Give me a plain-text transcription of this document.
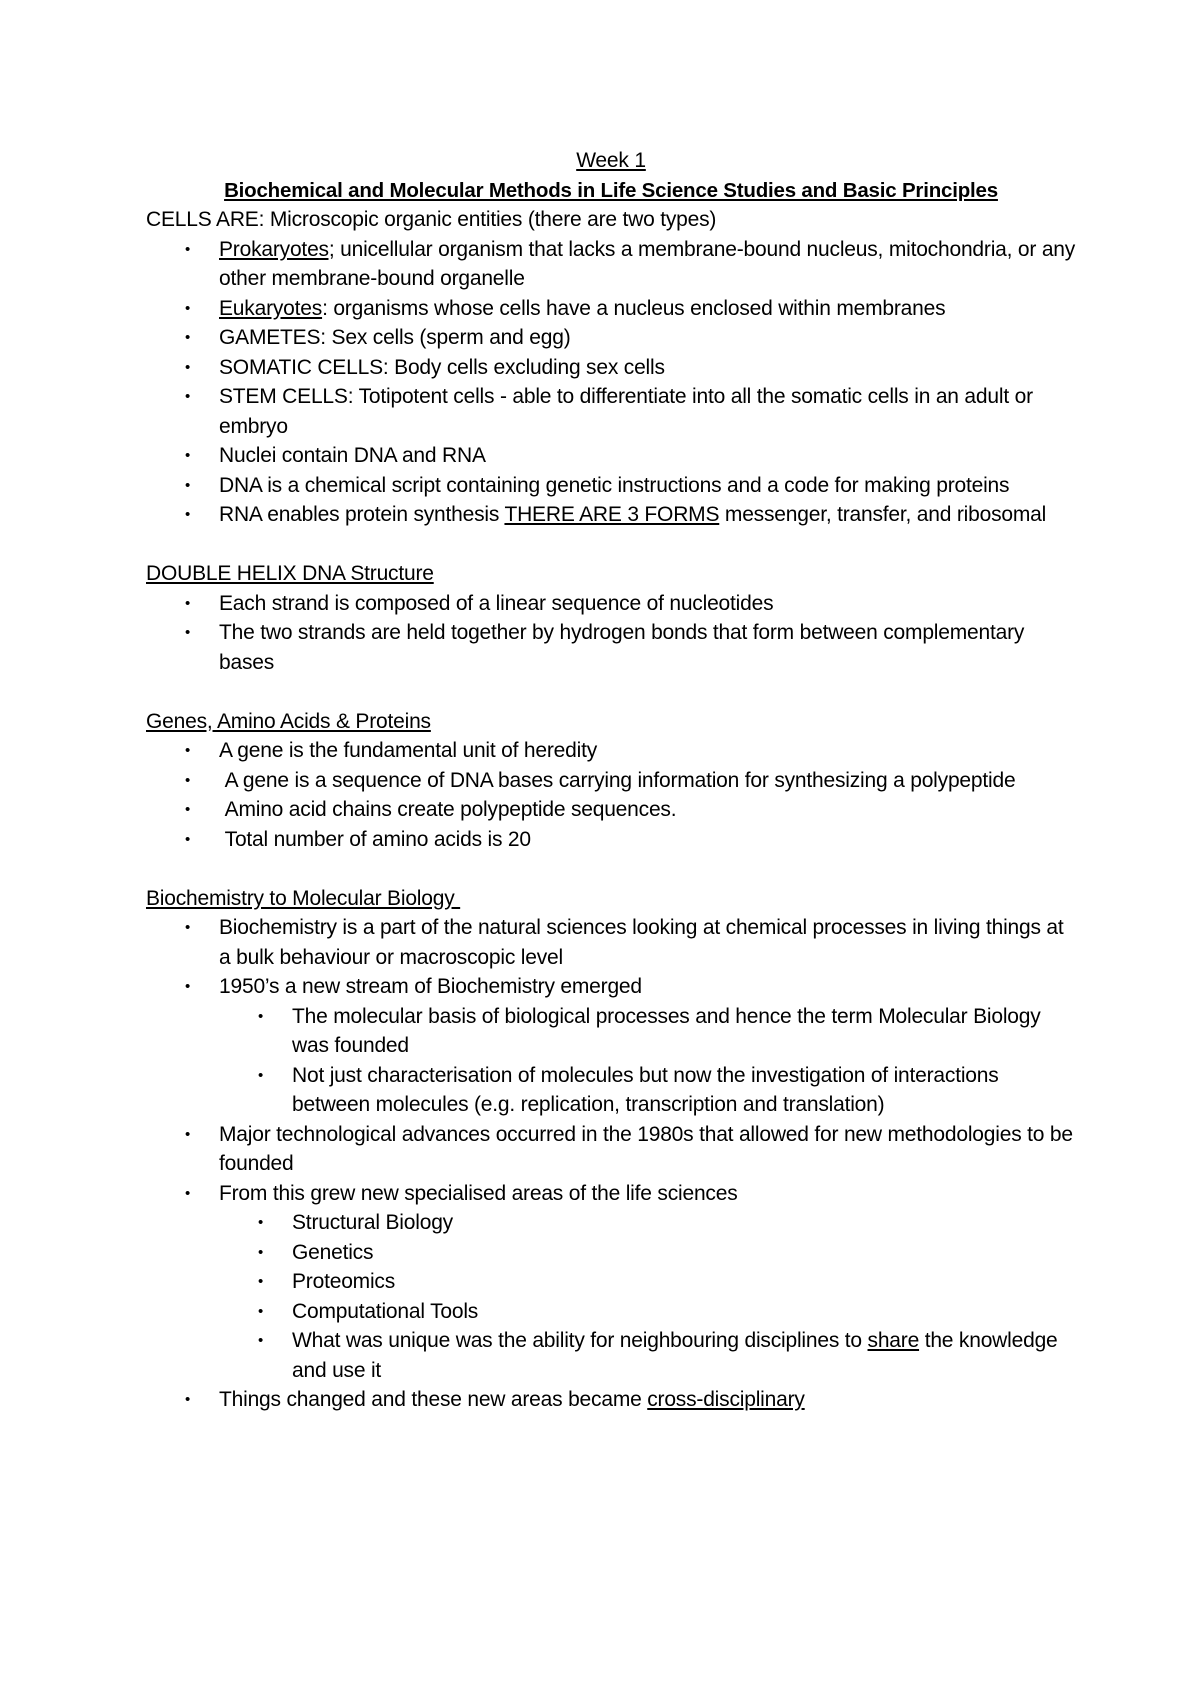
Week 1
Biochemical and Molecular Methods in Life Science Studies and Basic Principles
CELLS ARE: Microscopic organic entities (there are two types)
• Prokaryotes; unicellular organism that lacks a membrane-bound nucleus, mitochondria, or any other membrane-bound organelle
• Eukaryotes: organisms whose cells have a nucleus enclosed within membranes
• GAMETES: Sex cells (sperm and egg)
• SOMATIC CELLS: Body cells excluding sex cells
• STEM CELLS: Totipotent cells - able to differentiate into all the somatic cells in an adult or embryo
• Nuclei contain DNA and RNA
• DNA is a chemical script containing genetic instructions and a code for making proteins
• RNA enables protein synthesis THERE ARE 3 FORMS messenger, transfer, and ribosomal
DOUBLE HELIX DNA Structure
• Each strand is composed of a linear sequence of nucleotides
• The two strands are held together by hydrogen bonds that form between complementary bases
Genes, Amino Acids & Proteins
• A gene is the fundamental unit of heredity
• A gene is a sequence of DNA bases carrying information for synthesizing a polypeptide
• Amino acid chains create polypeptide sequences.
• Total number of amino acids is 20
Biochemistry to Molecular Biology
• Biochemistry is a part of the natural sciences looking at chemical processes in living things at a bulk behaviour or macroscopic level
• 1950’s a new stream of Biochemistry emerged
• The molecular basis of biological processes and hence the term Molecular Biology was founded
• Not just characterisation of molecules but now the investigation of interactions between molecules (e.g. replication, transcription and translation)
• Major technological advances occurred in the 1980s that allowed for new methodologies to be founded
• From this grew new specialised areas of the life sciences
• Structural Biology
• Genetics
• Proteomics
• Computational Tools
• What was unique was the ability for neighbouring disciplines to share the knowledge and use it
• Things changed and these new areas became cross-disciplinary
